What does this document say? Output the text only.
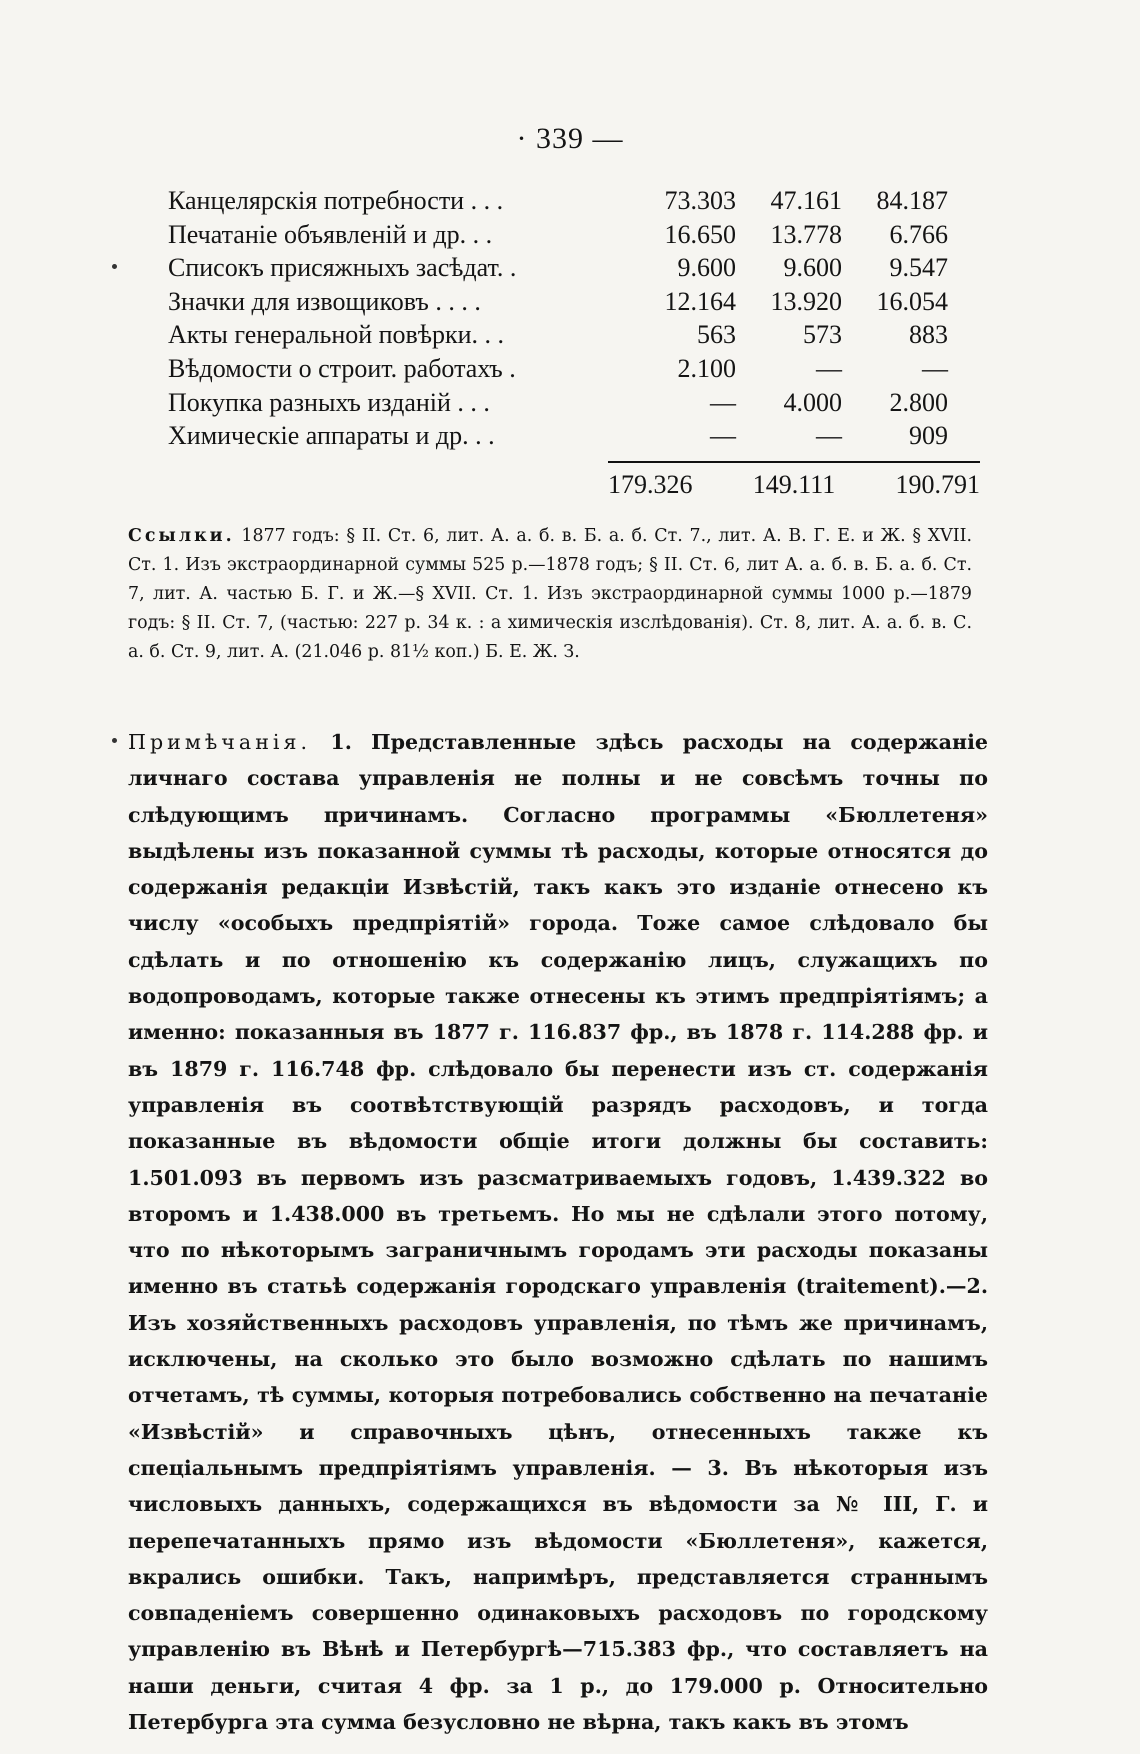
· 339 —
Канцелярскія потребности . . .	73.303	47.161	84.187
Печатаніе объявленій и др. . .	16.650	13.778	6.766
Списокъ присяжныхъ засѣдат. .	9.600	9.600	9.547
Значки для извощиковъ . . . .	12.164	13.920	16.054
Акты генеральной повѣрки. . .	563	573	883
Вѣдомости о строит. работахъ .	2.100	—	—
Покупка разныхъ изданій . . .	—	4.000	2.800
Химическіе аппараты и др. . .	—	—	909
179.326 149.111 190.791
Ссылки. 1877 годъ: § II. Ст. 6, лит. А. а. б. в. Б. а. б. Ст. 7., лит. А. В. Г. Е. и Ж. § XVII. Ст. 1. Изъ экстраординарной суммы 525 р.—1878 годъ; § II. Ст. 6, лит А. а. б. в. Б. а. б. Ст. 7, лит. А. частью Б. Г. и Ж.—§ XVII. Ст. 1. Изъ экстраординарной суммы 1000 р.—1879 годъ: § II. Ст. 7, (частью: 227 р. 34 к. : а химическія изслѣдованія). Ст. 8, лит. А. а. б. в. С. а. б. Ст. 9, лит. А. (21.046 р. 81½ коп.) Б. Е. Ж. З.
Примѣчанія. 1. Представленные здѣсь расходы на содержаніе личнаго состава управленія не полны и не совсѣмъ точны по слѣдующимъ причинамъ. Согласно программы «Бюллетеня» выдѣлены изъ показанной суммы тѣ расходы, которые относятся до содержанія редакціи Извѣстій, такъ какъ это изданіе отнесено къ числу «особыхъ предпріятій» города. Тоже самое слѣдовало бы сдѣлать и по отношенію къ содержанію лицъ, служащихъ по водопроводамъ, которые также отнесены къ этимъ предпріятіямъ; а именно: показанныя въ 1877 г. 116.837 фр., въ 1878 г. 114.288 фр. и въ 1879 г. 116.748 фр. слѣдовало бы перенести изъ ст. содержанія управленія въ соотвѣтствующій разрядъ расходовъ, и тогда показанные въ вѣдомости общіе итоги должны бы составить: 1.501.093 въ первомъ изъ разсматриваемыхъ годовъ, 1.439.322 во второмъ и 1.438.000 въ третьемъ. Но мы не сдѣлали этого потому, что по нѣкоторымъ заграничнымъ городамъ эти расходы показаны именно въ статьѣ содержанія городскаго управленія (traitement).—2. Изъ хозяйственныхъ расходовъ управленія, по тѣмъ же причинамъ, исключены, на сколько это было возможно сдѣлать по нашимъ отчетамъ, тѣ суммы, которыя потребовались собственно на печатаніе «Извѣстій» и справочныхъ цѣнъ, отнесенныхъ также къ спеціальнымъ предпріятіямъ управленія. — 3. Въ нѣкоторыя изъ числовыхъ данныхъ, содержащихся въ вѣдомости за № III, Г. и перепечатанныхъ прямо изъ вѣдомости «Бюллетеня», кажется, вкрались ошибки. Такъ, напримѣръ, представляется страннымъ совпаденіемъ совершенно одинаковыхъ расходовъ по городскому управленію въ Вѣнѣ и Петербургѣ—715.383 фр., что составляетъ на наши деньги, считая 4 фр. за 1 р., до 179.000 р. Относительно Петербурга эта сумма безусловно не вѣрна, такъ какъ въ этомъ
